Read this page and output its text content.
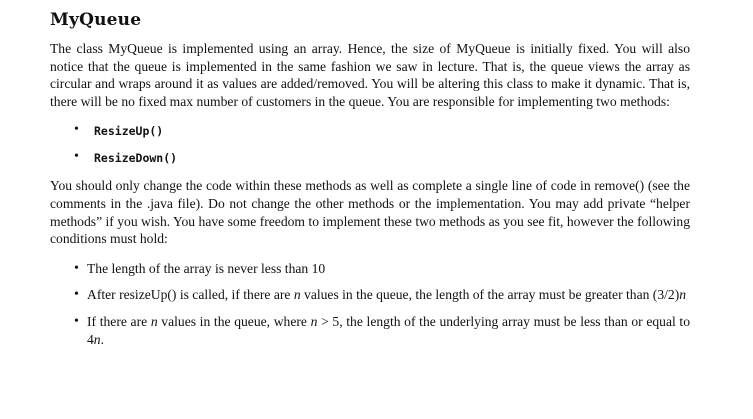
MyQueue

The class MyQueue is implemented using an array. Hence, the size of MyQueue is initially fixed. You will also notice that the queue is implemented in the same fashion we saw in lecture. That is, the queue views the array as circular and wraps around it as values are added/removed. You will be altering this class to make it dynamic. That is, there will be no fixed max number of customers in the queue. You are responsible for implementing two methods:

• ResizeUp()
• ResizeDown()

You should only change the code within these methods as well as complete a single line of code in remove() (see the comments in the .java file). Do not change the other methods or the implementation. You may add private “helper methods” if you wish. You have some freedom to implement these two methods as you see fit, however the following conditions must hold:

• The length of the array is never less than 10
• After resizeUp() is called, if there are n values in the queue, the length of the array must be greater than (3/2)n
• If there are n values in the queue, where n > 5, the length of the underlying array must be less than or equal to 4n.
